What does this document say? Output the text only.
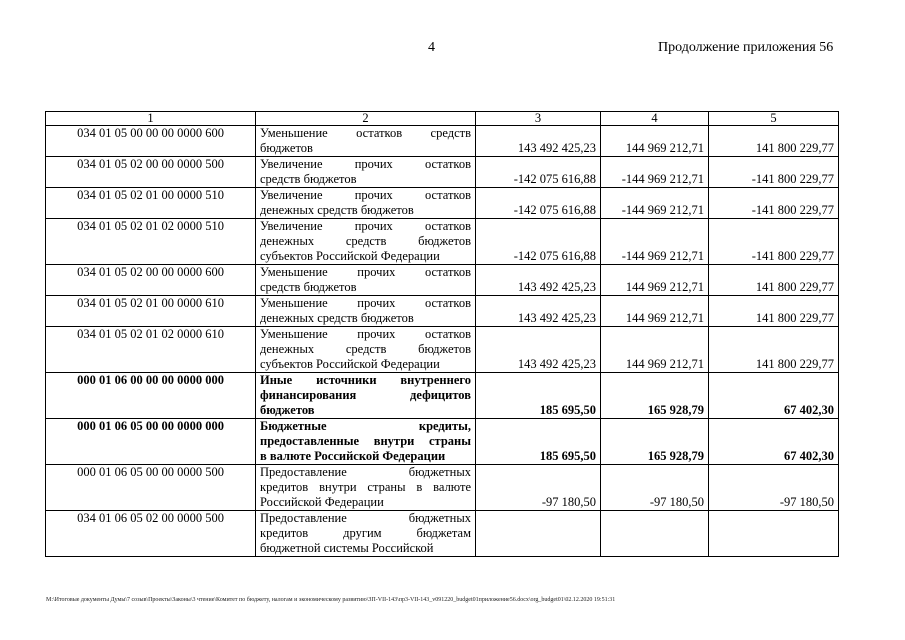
4	Продолжение приложения 56
1	2	3	4	5
034 01 05 00 00 00 0000 600	Уменьшение остатков средств
бюджетов	143 492 425,23	144 969 212,71	141 800 229,77
034 01 05 02 00 00 0000 500	Увеличение прочих остатков
средств бюджетов	-142 075 616,88	-144 969 212,71	-141 800 229,77
034 01 05 02 01 00 0000 510	Увеличение прочих остатков
денежных средств бюджетов	-142 075 616,88	-144 969 212,71	-141 800 229,77
034 01 05 02 01 02 0000 510	Увеличение прочих остатков
денежных средств бюджетов
субъектов Российской Федерации	-142 075 616,88	-144 969 212,71	-141 800 229,77
034 01 05 02 00 00 0000 600	Уменьшение прочих остатков
средств бюджетов	143 492 425,23	144 969 212,71	141 800 229,77
034 01 05 02 01 00 0000 610	Уменьшение прочих остатков
денежных средств бюджетов	143 492 425,23	144 969 212,71	141 800 229,77
034 01 05 02 01 02 0000 610	Уменьшение прочих остатков
денежных средств бюджетов
субъектов Российской Федерации	143 492 425,23	144 969 212,71	141 800 229,77
000 01 06 00 00 00 0000 000	Иные источники внутреннего
финансирования дефицитов
бюджетов	185 695,50	165 928,79	67 402,30
000 01 06 05 00 00 0000 000	Бюджетные кредиты,
предоставленные внутри страны
в валюте Российской Федерации	185 695,50	165 928,79	67 402,30
000 01 06 05 00 00 0000 500	Предоставление бюджетных
кредитов внутри страны в валюте
Российской Федерации	-97 180,50	-97 180,50	-97 180,50
034 01 06 05 02 00 0000 500	Предоставление бюджетных
кредитов другим бюджетам
бюджетной системы Российской			

M:\Итоговые документы Думы\7 созыв\Проекты\Законы\3 чтение\Комитет по бюджету, налогам и экономическому развитию\ЗП-VII-143\пр3-VII-143_v091220_budget01приложение56.docx\org_budget01\02.12.2020 19:51:31
